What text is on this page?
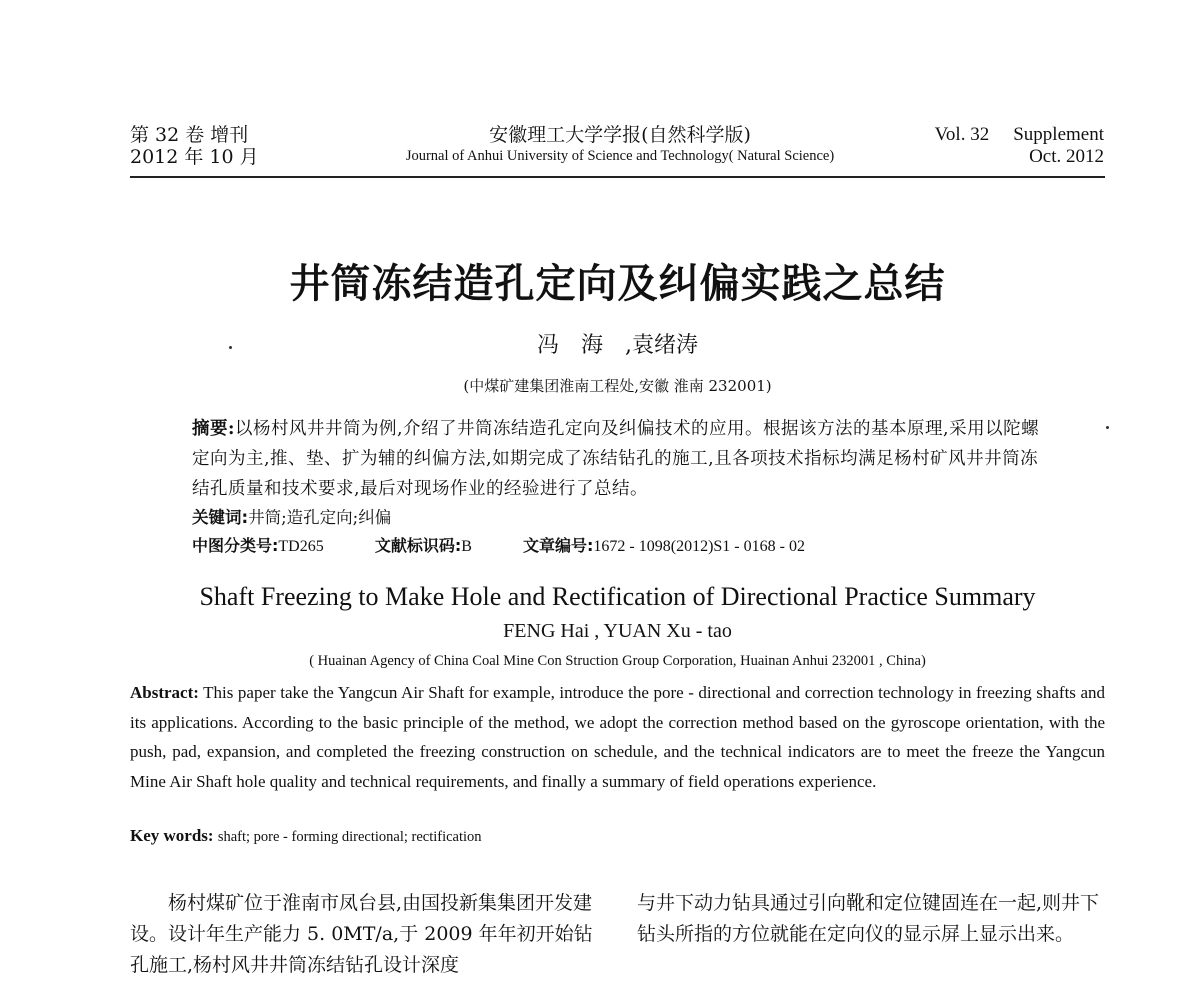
第 32 卷 增刊
2012 年 10 月
安徽理工大学学报(自然科学版)
Journal of Anhui University of Science and Technology( Natural Science)
Vol. 32 Supplement
Oct. 2012
井筒冻结造孔定向及纠偏实践之总结
冯海,袁绪涛
(中煤矿建集团淮南工程处,安徽 淮南 232001)
摘要:以杨村风井井筒为例,介绍了井筒冻结造孔定向及纠偏技术的应用。根据该方法的基本原理,采用以陀螺定向为主,推、垫、扩为辅的纠偏方法,如期完成了冻结钻孔的施工,且各项技术指标均满足杨村矿风井井筒冻结孔质量和技术要求,最后对现场作业的经验进行了总结。
关键词:井筒;造孔定向;纠偏
中图分类号:TD265	文献标识码:B	文章编号:1672 - 1098(2012)S1 - 0168 - 02
Shaft Freezing to Make Hole and Rectification of Directional Practice Summary
FENG Hai , YUAN Xu - tao
( Huainan Agency of China Coal Mine Con Struction Group Corporation, Huainan Anhui 232001 , China)
Abstract: This paper take the Yangcun Air Shaft for example, introduce the pore - directional and correction technology in freezing shafts and its applications. According to the basic principle of the method, we adopt the correction method based on the gyroscope orientation, with the push, pad, expansion, and completed the freezing construction on schedule, and the technical indicators are to meet the freeze the Yangcun Mine Air Shaft hole quality and technical requirements, and finally a summary of field operations experience.
Key words: shaft; pore - forming directional; rectification
杨村煤矿位于淮南市凤台县,由国投新集集团开发建设。设计年生产能力 5. 0MT/a,于 2009 年年初开始钻孔施工,杨村风井井筒冻结钻孔设计深度
与井下动力钻具通过引向靴和定位键固连在一起,则井下钻头所指的方位就能在定向仪的显示屏上显示出来。
